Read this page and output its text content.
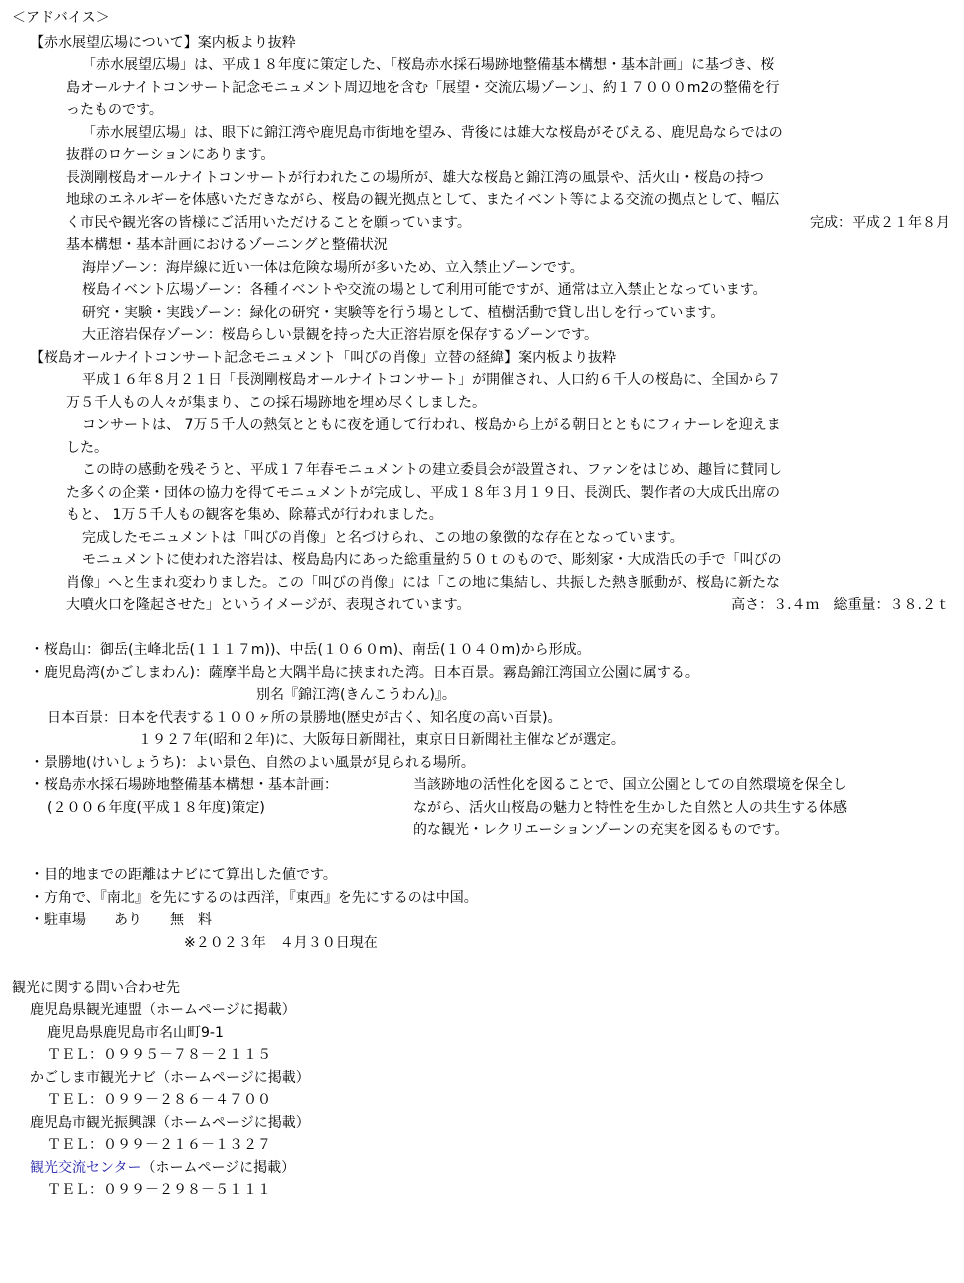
＜アドバイス＞
【赤水展望広場について】案内板より抜粋
「赤水展望広場」は、平成１８年度に策定した、「桜島赤水採石場跡地整備基本構想・基本計画」に基づき、桜
島オールナイトコンサート記念モニュメント周辺地を含む「展望・交流広場ゾーン」、約１７０００m2の整備を行
ったものです。
「赤水展望広場」は、眼下に錦江湾や鹿児島市街地を望み、背後には雄大な桜島がそびえる、鹿児島ならではの
抜群のロケーションにあります。
長渕剛桜島オールナイトコンサートが行われたこの場所が、雄大な桜島と錦江湾の風景や、活火山・桜島の持つ
地球のエネルギーを体感いただきながら、桜島の観光拠点として、またイベント等による交流の拠点として、幅広
く市民や観光客の皆様にご活用いただけることを願っています。	完成：平成２１年８月
基本構想・基本計画におけるゾーニングと整備状況
海岸ゾーン：海岸線に近い一体は危険な場所が多いため、立入禁止ゾーンです。
桜島イベント広場ゾーン：各種イベントや交流の場として利用可能ですが、通常は立入禁止となっています。
研究・実験・実践ゾーン：緑化の研究・実験等を行う場として、植樹活動で貸し出しを行っています。
大正溶岩保存ゾーン：桜島らしい景観を持った大正溶岩原を保存するゾーンです。
【桜島オールナイトコンサート記念モニュメント「叫びの肖像」立替の経緯】案内板より抜粋
平成１６年８月２１日「長渕剛桜島オールナイトコンサート」が開催され、人口約６千人の桜島に、全国から７
万５千人もの人々が集まり、この採石場跡地を埋め尽くしました。
コンサートは、 7万５千人の熱気とともに夜を通して行われ、桜島から上がる朝日とともにフィナーレを迎えま
した。
この時の感動を残そうと、平成１７年春モニュメントの建立委員会が設置され、ファンをはじめ、趣旨に賛同し
た多くの企業・団体の協力を得てモニュメントが完成し、平成１８年３月１９日、長渕氏、製作者の大成氏出席の
もと、 1万５千人もの観客を集め、除幕式が行われました。
完成したモニュメントは「叫びの肖像」と名づけられ、この地の象徴的な存在となっています。
モニュメントに使われた溶岩は、桜島島内にあった総重量約５０ｔのもので、彫刻家・大成浩氏の手で「叫びの
肖像」へと生まれ変わりました。この「叫びの肖像」には「この地に集結し、共振した熱き脈動が、桜島に新たな
大噴火口を隆起させた」というイメージが、表現されています。	高さ：３.４ｍ　総重量：３８.２ｔ
・桜島山：御岳(主峰北岳(１１１７m))、中岳(１０６０m)、南岳(１０４０m)から形成。
・鹿児島湾(かごしまわん)：薩摩半島と大隅半島に挟まれた湾。日本百景。霧島錦江湾国立公園に属する。
別名『錦江湾(きんこうわん)』。
日本百景：日本を代表する１００ヶ所の景勝地(歴史が古く、知名度の高い百景)。
１９２７年(昭和２年)に、大阪毎日新聞社，東京日日新聞社主催などが選定。
・景勝地(けいしょうち)：よい景色、自然のよい風景が見られる場所。
・桜島赤水採石場跡地整備基本構想・基本計画：
(２００６年度(平成１８年度)策定)
当該跡地の活性化を図ることで、国立公園としての自然環境を保全し
ながら、活火山桜島の魅力と特性を生かした自然と人の共生する体感
的な観光・レクリエーションゾーンの充実を図るものです。
・目的地までの距離はナビにて算出した値です。
・方角で、『南北』を先にするのは西洋，『東西』を先にするのは中国。
・駐車場　　あり　　無　料
※２０２３年　４月３０日現在
観光に関する問い合わせ先
鹿児島県観光連盟（ホームページに掲載）
鹿児島県鹿児島市名山町9-1
ＴＥＬ：０９９５－７８－２１１５
かごしま市観光ナビ（ホームページに掲載）
ＴＥＬ：０９９－２８６－４７００
鹿児島市観光振興課（ホームページに掲載）
ＴＥＬ：０９９－２１６－１３２７
観光交流センター（ホームページに掲載）
ＴＥＬ：０９９－２９８－５１１１
